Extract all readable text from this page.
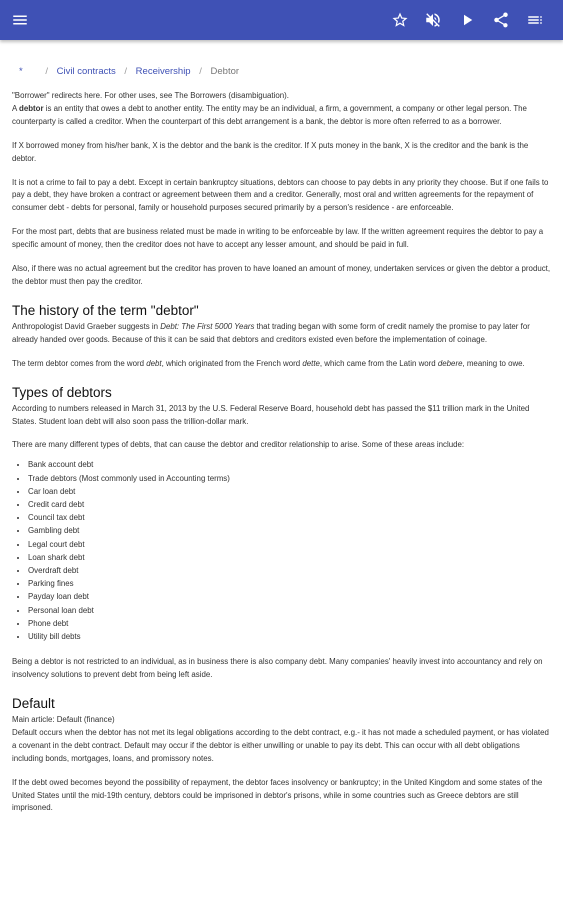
* / Civil contracts / Receivership / Debtor

"Borrower" redirects here. For other uses, see The Borrowers (disambiguation).

A debtor is an entity that owes a debt to another entity. The entity may be an individual, a firm, a government, a company or other legal person. The counterparty is called a creditor. When the counterpart of this debt arrangement is a bank, the debtor is more often referred to as a borrower.

If X borrowed money from his/her bank, X is the debtor and the bank is the creditor. If X puts money in the bank, X is the creditor and the bank is the debtor.

It is not a crime to fail to pay a debt. Except in certain bankruptcy situations, debtors can choose to pay debts in any priority they choose. But if one fails to pay a debt, they have broken a contract or agreement between them and a creditor. Generally, most oral and written agreements for the repayment of consumer debt - debts for personal, family or household purposes secured primarily by a person's residence - are enforceable.

For the most part, debts that are business related must be made in writing to be enforceable by law. If the written agreement requires the debtor to pay a specific amount of money, then the creditor does not have to accept any lesser amount, and should be paid in full.

Also, if there was no actual agreement but the creditor has proven to have loaned an amount of money, undertaken services or given the debtor a product, the debtor must then pay the creditor.

The history of the term "debtor"

Anthropologist David Graeber suggests in Debt: The First 5000 Years that trading began with some form of credit namely the promise to pay later for already handed over goods. Because of this it can be said that debtors and creditors existed even before the implementation of coinage.

The term debtor comes from the word debt, which originated from the French word dette, which came from the Latin word debere, meaning to owe.

Types of debtors

According to numbers released in March 31, 2013 by the U.S. Federal Reserve Board, household debt has passed the $11 trillion mark in the United States. Student loan debt will also soon pass the trillion-dollar mark.

There are many different types of debts, that can cause the debtor and creditor relationship to arise. Some of these areas include:

• Bank account debt
• Trade debtors (Most commonly used in Accounting terms)
• Car loan debt
• Credit card debt
• Council tax debt
• Gambling debt
• Legal court debt
• Loan shark debt
• Overdraft debt
• Parking fines
• Payday loan debt
• Personal loan debt
• Phone debt
• Utility bill debts

Being a debtor is not restricted to an individual, as in business there is also company debt. Many companies' heavily invest into accountancy and rely on insolvency solutions to prevent debt from being left aside.

Default

Main article: Default (finance)

Default occurs when the debtor has not met its legal obligations according to the debt contract, e.g.- it has not made a scheduled payment, or has violated a covenant in the debt contract. Default may occur if the debtor is either unwilling or unable to pay its debt. This can occur with all debt obligations including bonds, mortgages, loans, and promissory notes.

If the debt owed becomes beyond the possibility of repayment, the debtor faces insolvency or bankruptcy; in the United Kingdom and some states of the United States until the mid-19th century, debtors could be imprisoned in debtor's prisons, while in some countries such as Greece debtors are still imprisoned.
